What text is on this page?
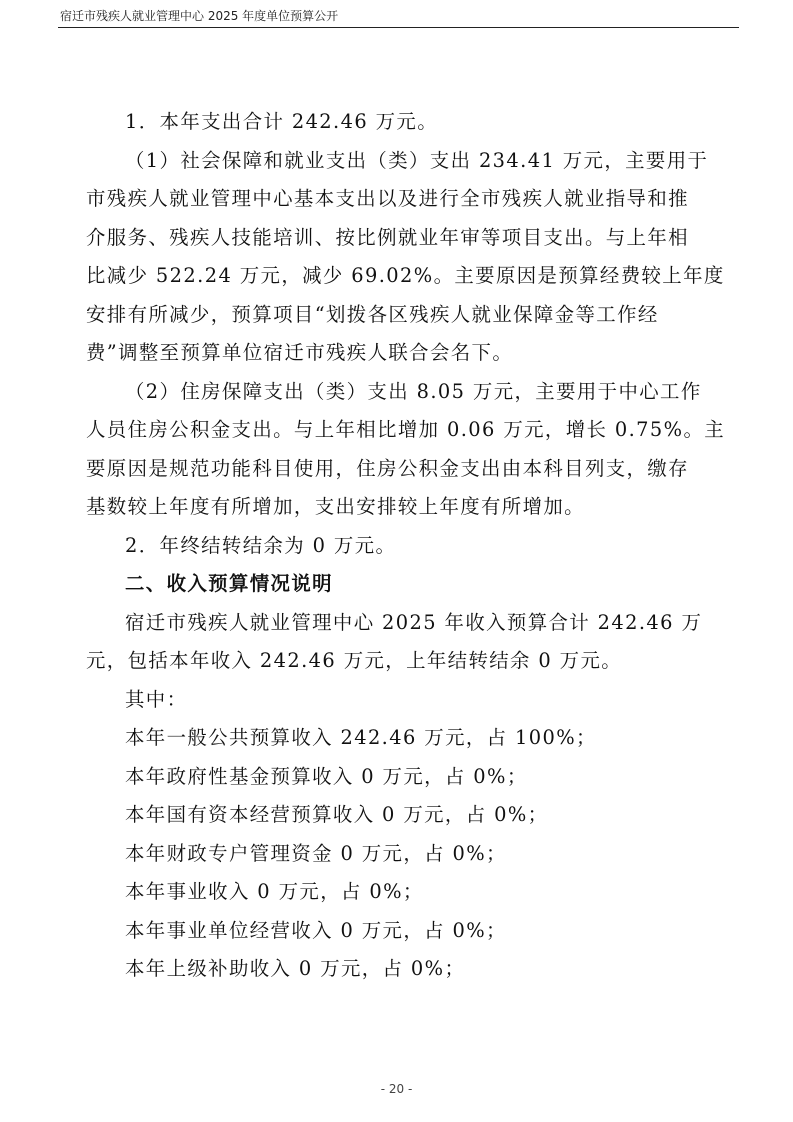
宿迁市残疾人就业管理中心 2025 年度单位预算公开

1．本年支出合计 242.46 万元。

（1）社会保障和就业支出（类）支出 234.41 万元，主要用于

市残疾人就业管理中心基本支出以及进行全市残疾人就业指导和推

介服务、残疾人技能培训、按比例就业年审等项目支出。与上年相

比减少 522.24 万元，减少 69.02%。主要原因是预算经费较上年度

安排有所减少，预算项目“划拨各区残疾人就业保障金等工作经

费”调整至预算单位宿迁市残疾人联合会名下。

（2）住房保障支出（类）支出 8.05 万元，主要用于中心工作

人员住房公积金支出。与上年相比增加 0.06 万元，增长 0.75%。主

要原因是规范功能科目使用，住房公积金支出由本科目列支，缴存

基数较上年度有所增加，支出安排较上年度有所增加。

2．年终结转结余为 0 万元。

二、收入预算情况说明

宿迁市残疾人就业管理中心 2025 年收入预算合计 242.46 万

元，包括本年收入 242.46 万元，上年结转结余 0 万元。

其中：

本年一般公共预算收入 242.46 万元，占 100%；

本年政府性基金预算收入 0 万元，占 0%；

本年国有资本经营预算收入 0 万元，占 0%；

本年财政专户管理资金 0 万元，占 0%；

本年事业收入 0 万元，占 0%；

本年事业单位经营收入 0 万元，占 0%；

本年上级补助收入 0 万元，占 0%；

- 20 -
